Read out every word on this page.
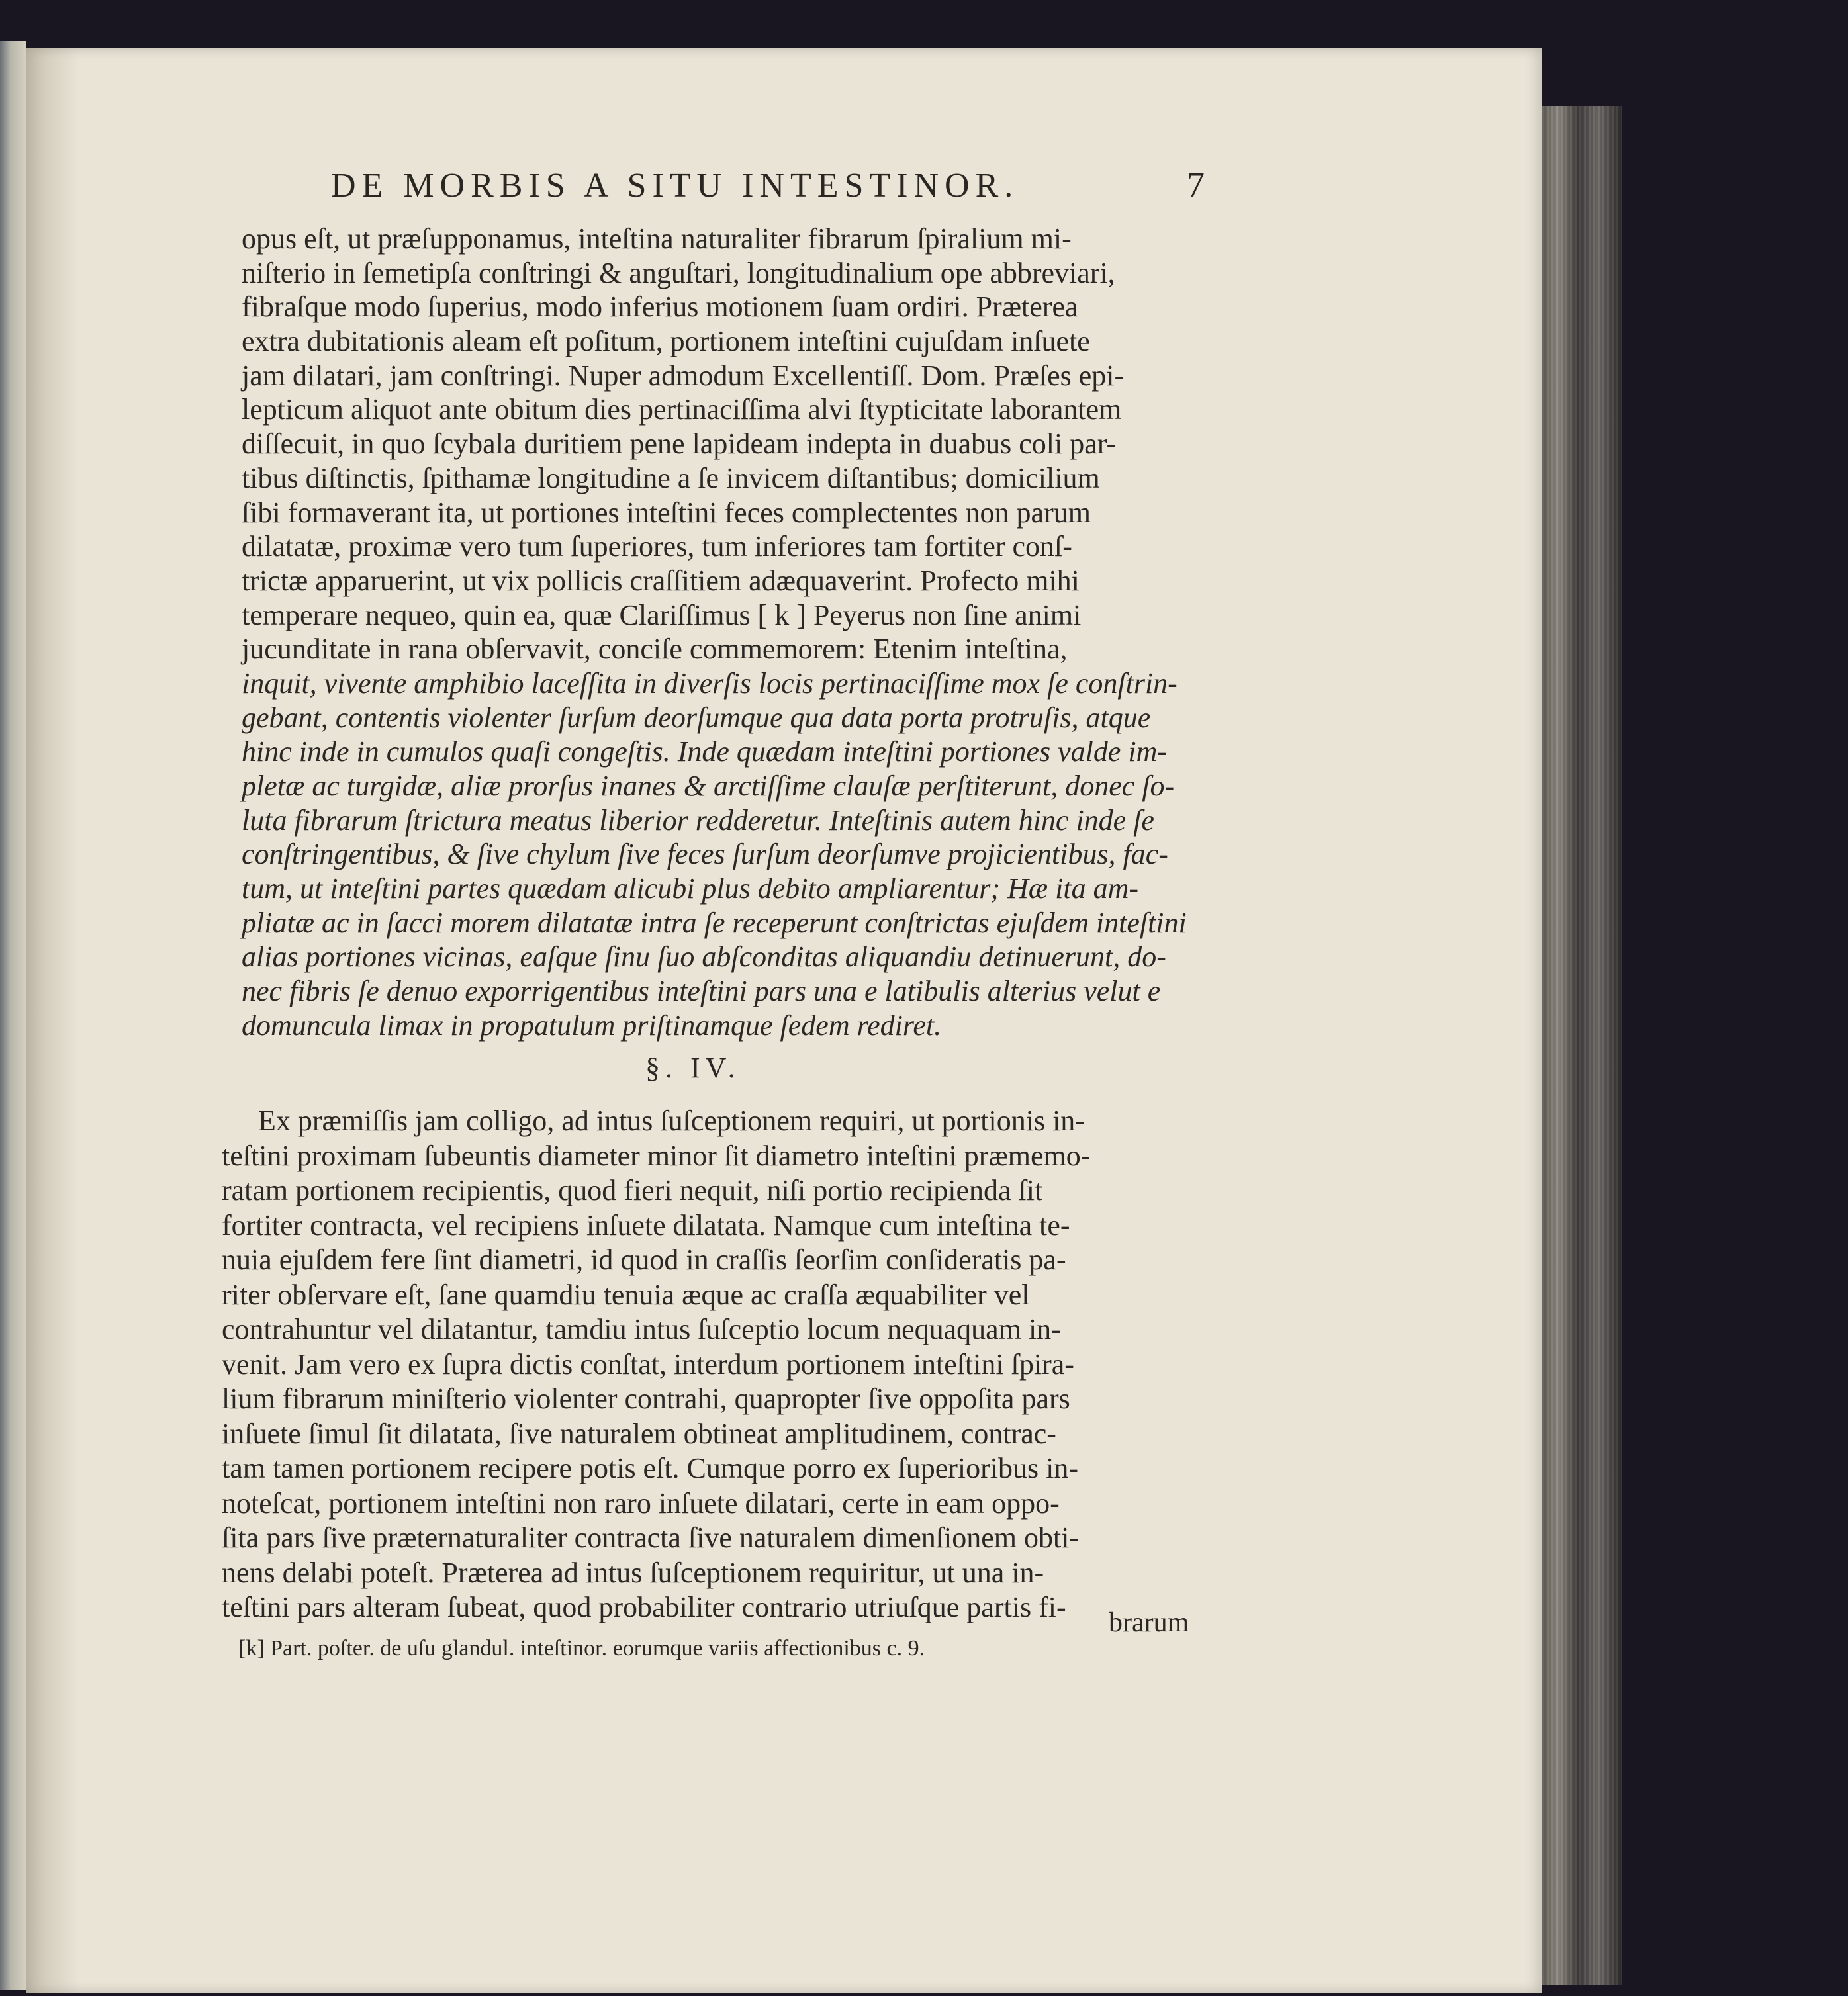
DE MORBIS A SITU INTESTINOR.	7
opus eſt, ut præſupponamus, inteſtina naturaliter fibrarum ſpiralium mi-
niſterio in ſemetipſa conſtringi & anguſtari, longitudinalium ope abbreviari,
fibraſque modo ſuperius, modo inferius motionem ſuam ordiri. Præterea
extra dubitationis aleam eſt poſitum, portionem inteſtini cujuſdam inſuete
jam dilatari, jam conſtringi. Nuper admodum Excellentiſſ. Dom. Præſes epi-
lepticum aliquot ante obitum dies pertinaciſſima alvi ſtypticitate laborantem
diſſecuit, in quo ſcybala duritiem pene lapideam indepta in duabus coli par-
tibus diſtinctis, ſpithamæ longitudine a ſe invicem diſtantibus; domicilium
ſibi formaverant ita, ut portiones inteſtini feces complectentes non parum
dilatatæ, proximæ vero tum ſuperiores, tum inferiores tam fortiter conſ-
trictæ apparuerint, ut vix pollicis craſſitiem adæquaverint. Profecto mihi
temperare nequeo, quin ea, quæ Clariſſimus [ k ] Peyerus non ſine animi
jucunditate in rana obſervavit, conciſe commemorem: Etenim inteſtina,
inquit, vivente amphibio laceſſita in diverſis locis pertinaciſſime mox ſe conſtrin-
gebant, contentis violenter ſurſum deorſumque qua data porta protruſis, atque
hinc inde in cumulos quaſi congeſtis. Inde quædam inteſtini portiones valde im-
pletæ ac turgidæ, aliæ prorſus inanes & arctiſſime clauſæ perſtiterunt, donec ſo-
luta fibrarum ſtrictura meatus liberior redderetur. Inteſtinis autem hinc inde ſe
conſtringentibus, & ſive chylum ſive feces ſurſum deorſumve projicientibus, fac-
tum, ut inteſtini partes quædam alicubi plus debito ampliarentur; Hæ ita am-
pliatæ ac in ſacci morem dilatatæ intra ſe receperunt conſtrictas ejuſdem inteſtini
alias portiones vicinas, eaſque ſinu ſuo abſconditas aliquandiu detinuerunt, do-
nec fibris ſe denuo exporrigentibus inteſtini pars una e latibulis alterius velut e
domuncula limax in propatulum priſtinamque ſedem rediret.
§. IV.
Ex præmiſſis jam colligo, ad intus ſuſceptionem requiri, ut portionis in-
teſtini proximam ſubeuntis diameter minor ſit diametro inteſtini præmemo-
ratam portionem recipientis, quod fieri nequit, niſi portio recipienda ſit
fortiter contracta, vel recipiens inſuete dilatata. Namque cum inteſtina te-
nuia ejuſdem fere ſint diametri, id quod in craſſis ſeorſim conſideratis pa-
riter obſervare eſt, ſane quamdiu tenuia æque ac craſſa æquabiliter vel
contrahuntur vel dilatantur, tamdiu intus ſuſceptio locum nequaquam in-
venit. Jam vero ex ſupra dictis conſtat, interdum portionem inteſtini ſpira-
lium fibrarum miniſterio violenter contrahi, quapropter ſive oppoſita pars
inſuete ſimul ſit dilatata, ſive naturalem obtineat amplitudinem, contrac-
tam tamen portionem recipere potis eſt. Cumque porro ex ſuperioribus in-
noteſcat, portionem inteſtini non raro inſuete dilatari, certe in eam oppo-
ſita pars ſive præternaturaliter contracta ſive naturalem dimenſionem obti-
nens delabi poteſt. Præterea ad intus ſuſceptionem requiritur, ut una in-
teſtini pars alteram ſubeat, quod probabiliter contrario utriuſque partis fi-	brarum
[k] Part. poſter. de uſu glandul. inteſtinor. eorumque variis affectionibus c. 9.
